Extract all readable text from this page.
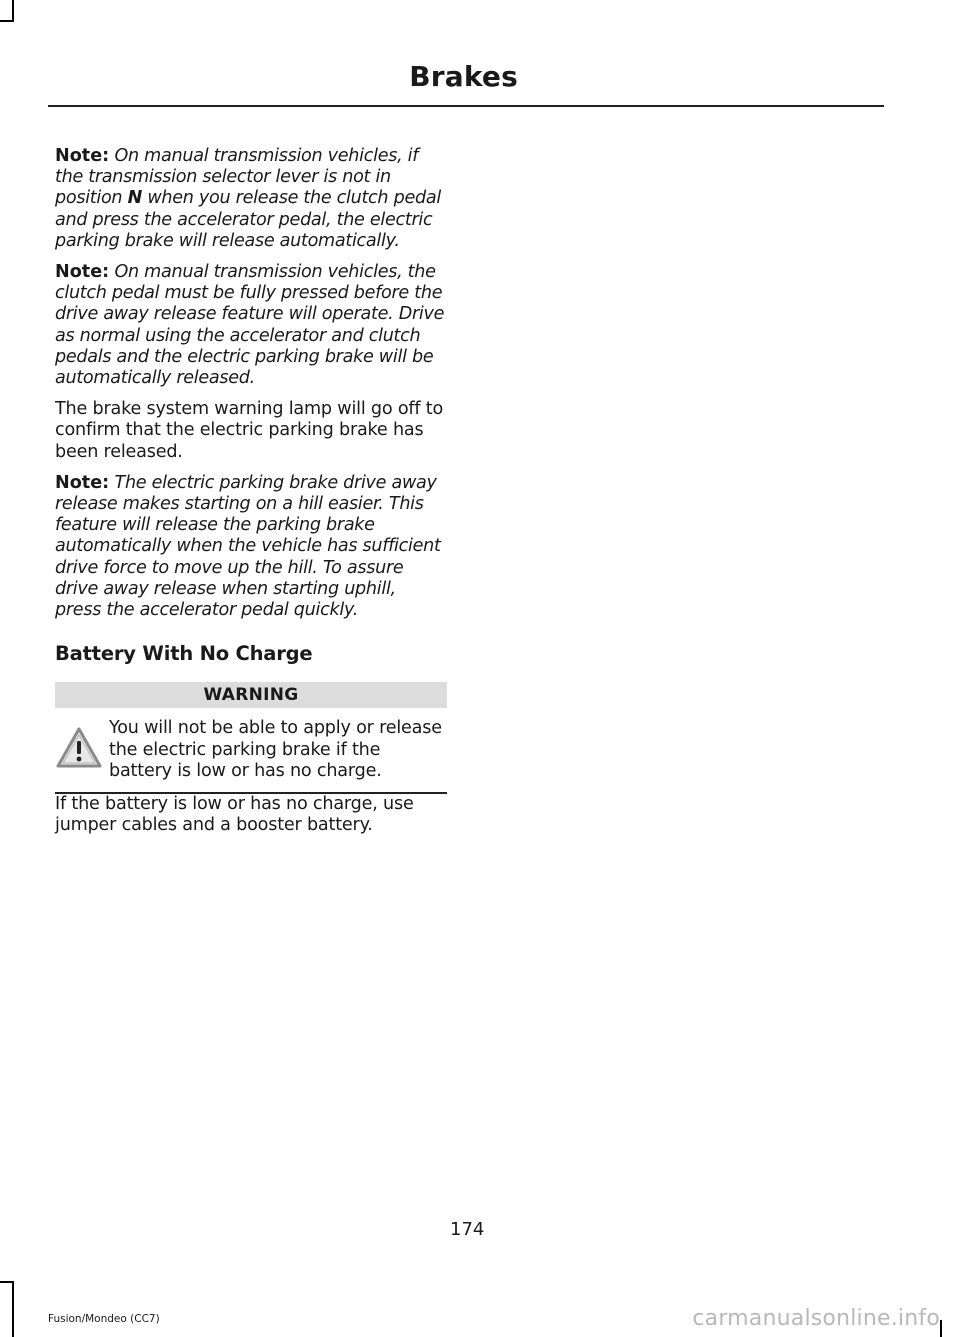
Brakes

Note: On manual transmission vehicles, if the transmission selector lever is not in position N when you release the clutch pedal and press the accelerator pedal, the electric parking brake will release automatically.

Note: On manual transmission vehicles, the clutch pedal must be fully pressed before the drive away release feature will operate. Drive as normal using the accelerator and clutch pedals and the electric parking brake will be automatically released.

The brake system warning lamp will go off to confirm that the electric parking brake has been released.

Note: The electric parking brake drive away release makes starting on a hill easier. This feature will release the parking brake automatically when the vehicle has sufficient drive force to move up the hill. To assure drive away release when starting uphill, press the accelerator pedal quickly.

Battery With No Charge
WARNING
You will not be able to apply or release the electric parking brake if the battery is low or has no charge.

If the battery is low or has no charge, use jumper cables and a booster battery.

174
Fusion/Mondeo (CC7)	carmanualsonline.info
